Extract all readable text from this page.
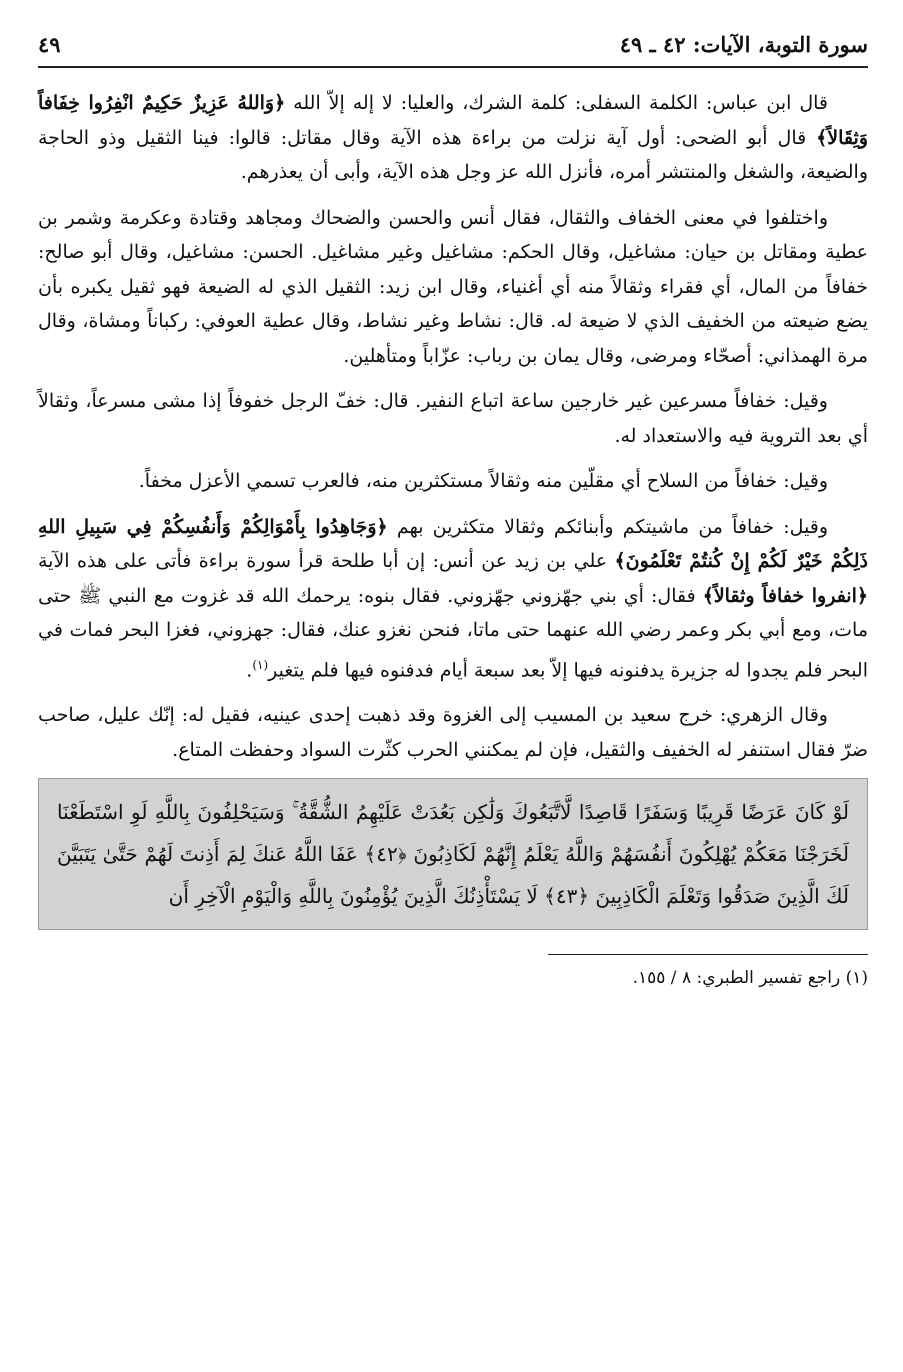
سورة التوبة، الآيات: ٤٢ ـ ٤٩
٤٩

قال ابن عباس: الكلمة السفلى: كلمة الشرك، والعليا: لا إله إلاّ الله ﴿وَاللهُ عَزِيزٌ حَكِيمٌ انْفِرُوا خِفَافاً وَثِقَالاً﴾ قال أبو الضحى: أول آية نزلت من براءة هذه الآية وقال مقاتل: قالوا: فينا الثقيل وذو الحاجة والضيعة، والشغل والمنتشر أمره، فأنزل الله عز وجل هذه الآية، وأبى أن يعذرهم.

واختلفوا في معنى الخفاف والثقال، فقال أنس والحسن والضحاك ومجاهد وقتادة وعكرمة وشمر بن عطية ومقاتل بن حيان: مشاغيل، وقال الحكم: مشاغيل وغير مشاغيل. الحسن: مشاغيل، وقال أبو صالح: خفافاً من المال، أي فقراء وثقالاً منه أي أغنياء، وقال ابن زيد: الثقيل الذي له الضيعة فهو ثقيل يكبره بأن يضع ضيعته من الخفيف الذي لا ضيعة له. قال: نشاط وغير نشاط، وقال عطية العوفي: ركباناً ومشاة، وقال مرة الهمذاني: أصحّاء ومرضى، وقال يمان بن رباب: عزّاباً ومتأهلين.

وقيل: خفافاً مسرعين غير خارجين ساعة اتباع النفير. قال: خفّ الرجل خفوفاً إذا مشى مسرعاً، وثقالاً أي بعد التروية فيه والاستعداد له.

وقيل: خفافاً من السلاح أي مقلّين منه وثقالاً مستكثرين منه، فالعرب تسمي الأعزل مخفاً.

وقيل: خفافاً من ماشيتكم وأبنائكم وثقالا متكثرين بهم ﴿وَجَاهِدُوا بِأَمْوَالِكُمْ وَأَنفُسِكُمْ فِي سَبِيلِ اللهِ ذَلِكُمْ خَيْرٌ لَكُمْ إِنْ كُنتُمْ تَعْلَمُونَ﴾ علي بن زيد عن أنس: إن أبا طلحة قرأ سورة براءة فأتى على هذه الآية ﴿انفروا خفافاً وثقالاً﴾ فقال: أي بني جهّزوني جهّزوني. فقال بنوه: يرحمك الله قد غزوت مع النبي ﷺ حتى مات، ومع أبي بكر وعمر رضي الله عنهما حتى ماتا، فنحن نغزو عنك، فقال: جهزوني، فغزا البحر فمات في البحر فلم يجدوا له جزيرة يدفنونه فيها إلاّ بعد سبعة أيام فدفنوه فيها فلم يتغير$^{(١)}$.

وقال الزهري: خرج سعيد بن المسيب إلى الغزوة وقد ذهبت إحدى عينيه، فقيل له: إنّك عليل، صاحب ضرّ فقال استنفر له الخفيف والثقيل، فإن لم يمكنني الحرب كثّرت السواد وحفظت المتاع.

لَوْ كَانَ عَرَضًا قَرِيبًا وَسَفَرًا قَاصِدًا لَّاتَّبَعُوكَ وَلَٰكِن بَعُدَتْ عَلَيْهِمُ الشُّقَّةُ ۚ وَسَيَحْلِفُونَ بِاللَّهِ لَوِ اسْتَطَعْنَا لَخَرَجْنَا مَعَكُمْ يُهْلِكُونَ أَنفُسَهُمْ وَاللَّهُ يَعْلَمُ إِنَّهُمْ لَكَاذِبُونَ ﴿٤٢﴾ عَفَا اللَّهُ عَنكَ لِمَ أَذِنتَ لَهُمْ حَتَّىٰ يَتَبَيَّنَ لَكَ الَّذِينَ صَدَقُوا وَتَعْلَمَ الْكَاذِبِينَ ﴿٤٣﴾ لَا يَسْتَأْذِنُكَ الَّذِينَ يُؤْمِنُونَ بِاللَّهِ وَالْيَوْمِ الْآخِرِ أَن
(١) راجع تفسير الطبري: ٨ / ١٥٥.
